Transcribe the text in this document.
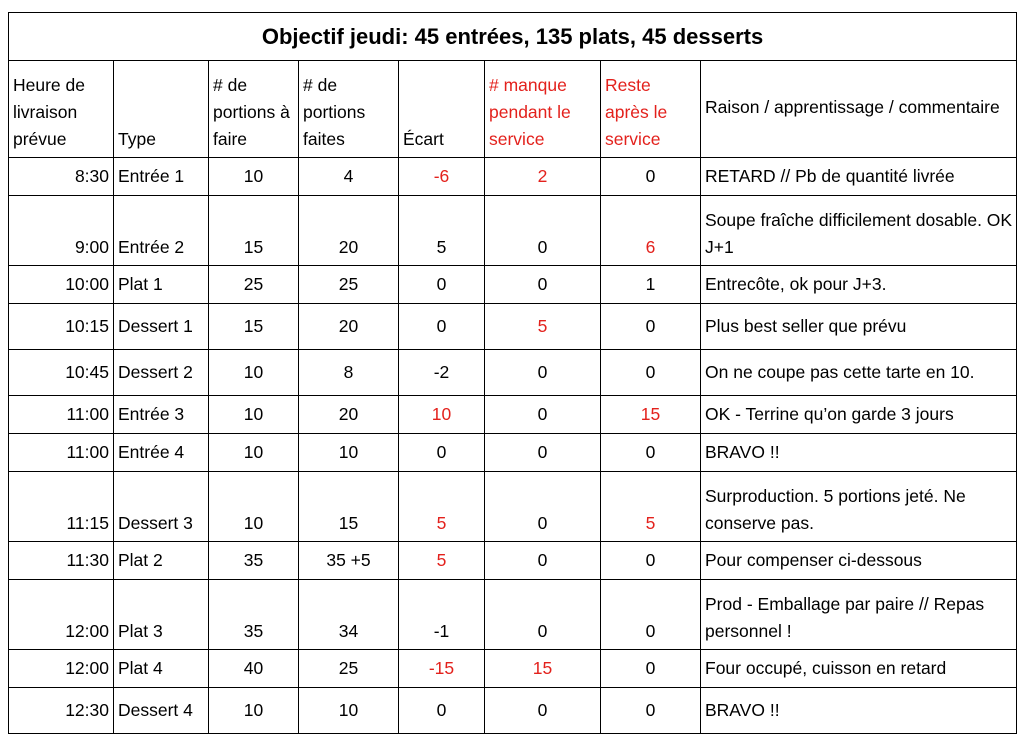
Objectif jeudi: 45 entrées, 135 plats, 45 desserts							
Heure de livraison prévue	Type	# de portions à faire	# de portions faites	Écart	# manque pendant le service	Reste après le service	Raison / apprentissage / commentaire
8:30	Entrée 1	10	4	-6	2	0	RETARD // Pb de quantité livrée
9:00	Entrée 2	15	20	5	0	6	Soupe fraîche difficilement dosable. OK J+1
10:00	Plat 1	25	25	0	0	1	Entrecôte, ok pour J+3.
10:15	Dessert 1	15	20	0	5	0	Plus best seller que prévu
10:45	Dessert 2	10	8	-2	0	0	On ne coupe pas cette tarte en 10.
11:00	Entrée 3	10	20	10	0	15	OK - Terrine qu’on garde 3 jours
11:00	Entrée 4	10	10	0	0	0	BRAVO !!
11:15	Dessert 3	10	15	5	0	5	Surproduction. 5 portions jeté. Ne conserve pas.
11:30	Plat 2	35	35 +5	5	0	0	Pour compenser ci-dessous
12:00	Plat 3	35	34	-1	0	0	Prod - Emballage par paire // Repas personnel !
12:00	Plat 4	40	25	-15	15	0	Four occupé, cuisson en retard
12:30	Dessert 4	10	10	0	0	0	BRAVO !!
